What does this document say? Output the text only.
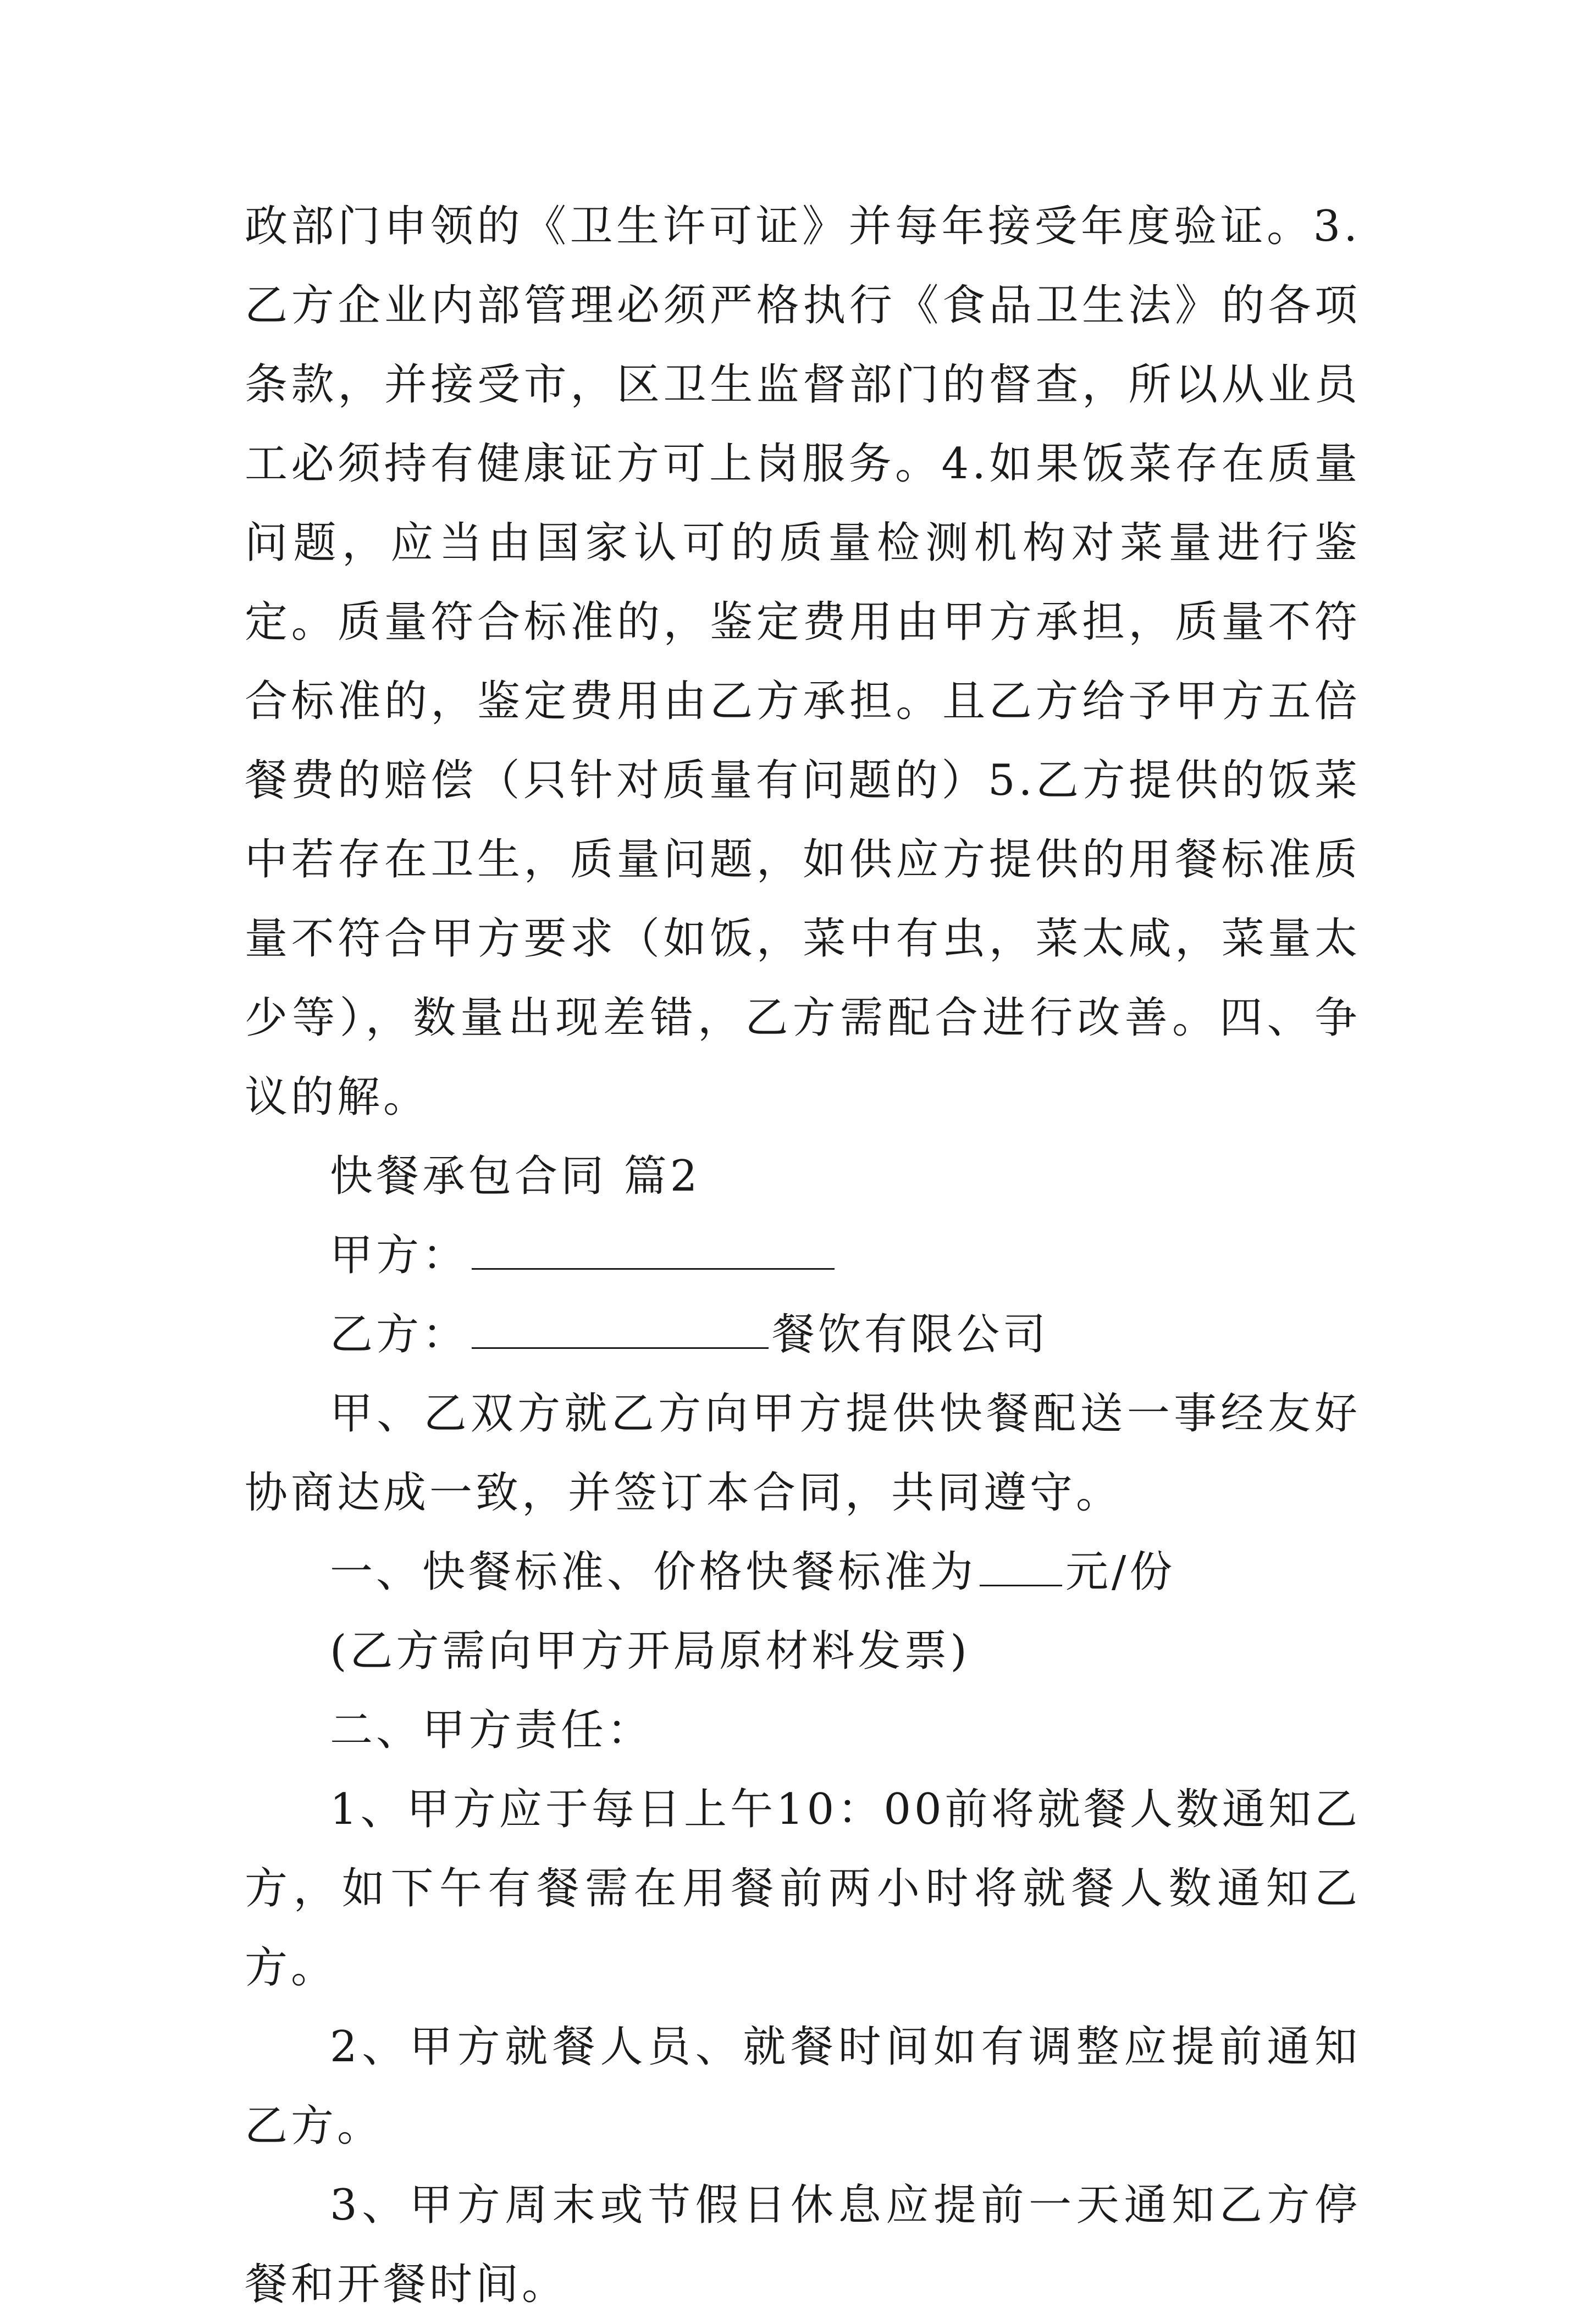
政部门申领的《卫生许可证》并每年接受年度验证。3.乙方企业内部管理必须严格执行《食品卫生法》的各项条款，并接受市，区卫生监督部门的督查，所以从业员工必须持有健康证方可上岗服务。4.如果饭菜存在质量问题，应当由国家认可的质量检测机构对菜量进行鉴定。质量符合标准的，鉴定费用由甲方承担，质量不符合标准的，鉴定费用由乙方承担。且乙方给予甲方五倍餐费的赔偿（只针对质量有问题的）5.乙方提供的饭菜中若存在卫生，质量问题，如供应方提供的用餐标准质量不符合甲方要求（如饭，菜中有虫，菜太咸，菜量太少等），数量出现差错，乙方需配合进行改善。四、争议的解。

快餐承包合同 篇2

甲方：

乙方：	餐饮有限公司

甲、乙双方就乙方向甲方提供快餐配送一事经友好协商达成一致，并签订本合同，共同遵守。

一、快餐标准、价格快餐标准为 元/份

(乙方需向甲方开局原材料发票)

二、甲方责任：

1、甲方应于每日上午10：00前将就餐人数通知乙方，如下午有餐需在用餐前两小时将就餐人数通知乙方。

2、甲方就餐人员、就餐时间如有调整应提前通知乙方。

3、甲方周末或节假日休息应提前一天通知乙方停餐和开餐时间。
